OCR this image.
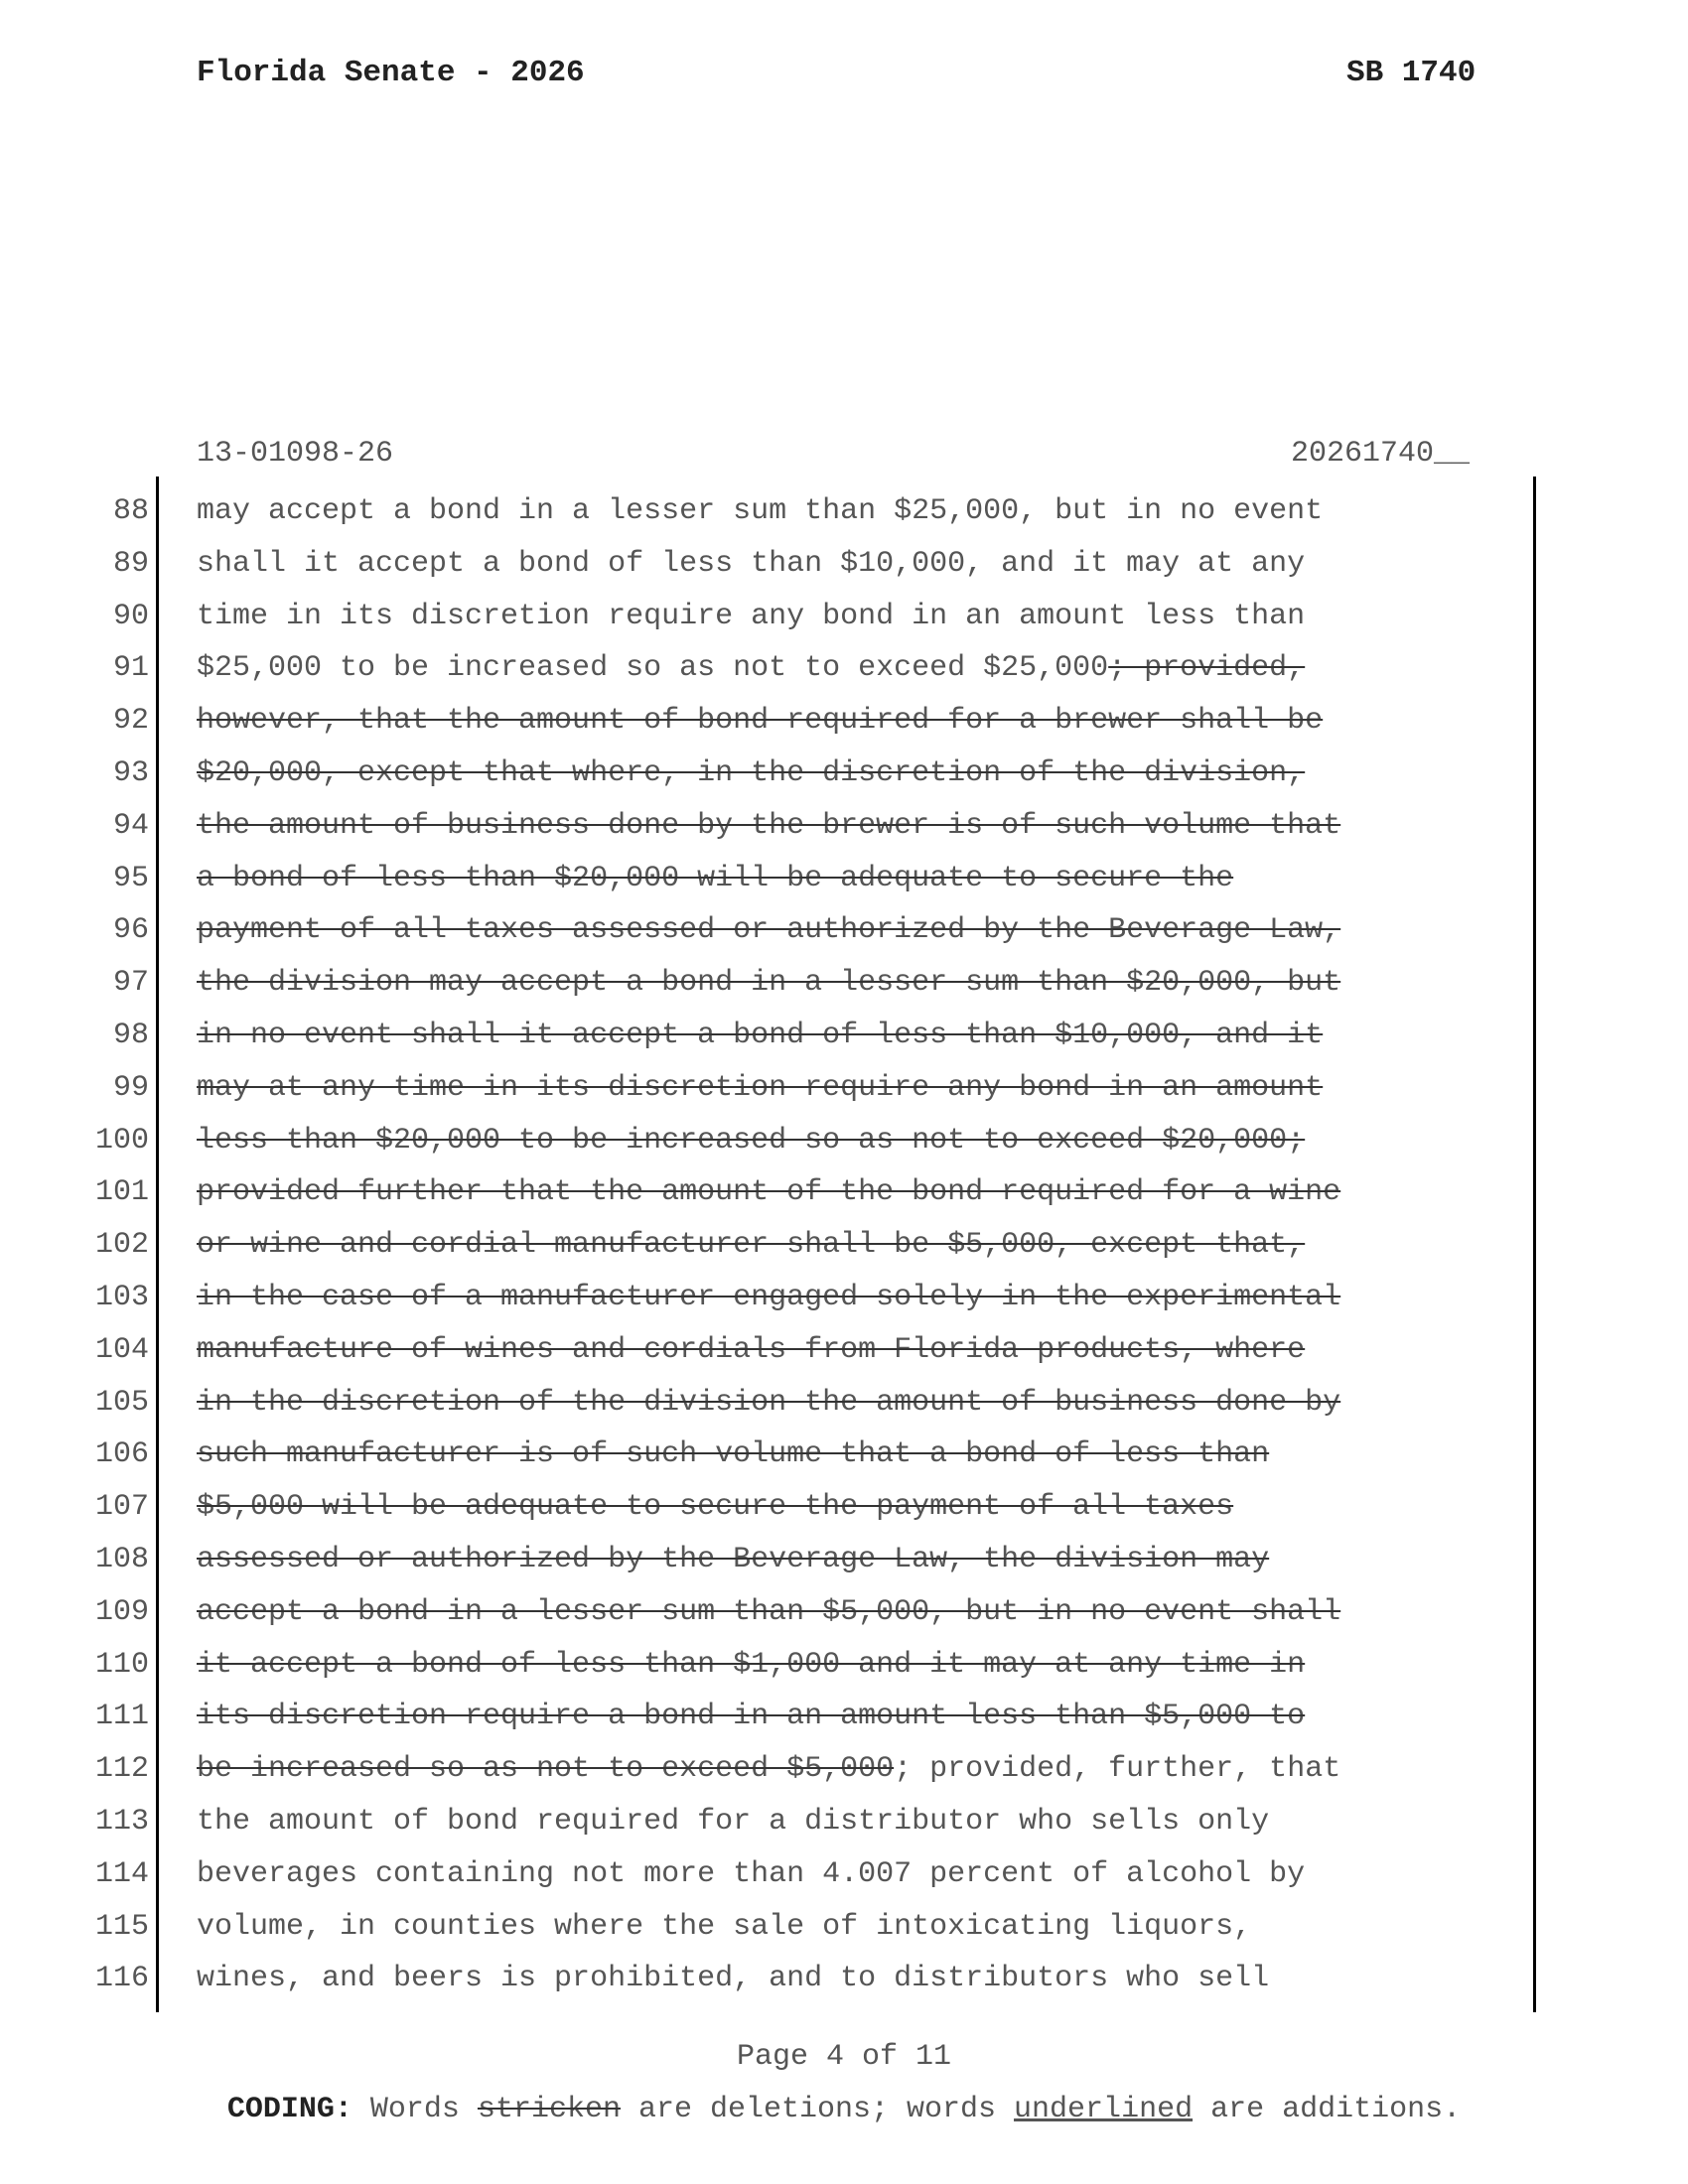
Florida Senate - 2026	SB 1740
13-01098-26	20261740__
88 may accept a bond in a lesser sum than $25,000, but in no event
89 shall it accept a bond of less than $10,000, and it may at any
90 time in its discretion require any bond in an amount less than
91 $25,000 to be increased so as not to exceed $25,000; provided,
92 however, that the amount of bond required for a brewer shall be
93 $20,000, except that where, in the discretion of the division,
94 the amount of business done by the brewer is of such volume that
95 a bond of less than $20,000 will be adequate to secure the
96 payment of all taxes assessed or authorized by the Beverage Law,
97 the division may accept a bond in a lesser sum than $20,000, but
98 in no event shall it accept a bond of less than $10,000, and it
99 may at any time in its discretion require any bond in an amount
100 less than $20,000 to be increased so as not to exceed $20,000;
101 provided further that the amount of the bond required for a wine
102 or wine and cordial manufacturer shall be $5,000, except that,
103 in the case of a manufacturer engaged solely in the experimental
104 manufacture of wines and cordials from Florida products, where
105 in the discretion of the division the amount of business done by
106 such manufacturer is of such volume that a bond of less than
107 $5,000 will be adequate to secure the payment of all taxes
108 assessed or authorized by the Beverage Law, the division may
109 accept a bond in a lesser sum than $5,000, but in no event shall
110 it accept a bond of less than $1,000 and it may at any time in
111 its discretion require a bond in an amount less than $5,000 to
112 be increased so as not to exceed $5,000; provided, further, that
113 the amount of bond required for a distributor who sells only
114 beverages containing not more than 4.007 percent of alcohol by
115 volume, in counties where the sale of intoxicating liquors,
116 wines, and beers is prohibited, and to distributors who sell
Page 4 of 11
CODING: Words stricken are deletions; words underlined are additions.
